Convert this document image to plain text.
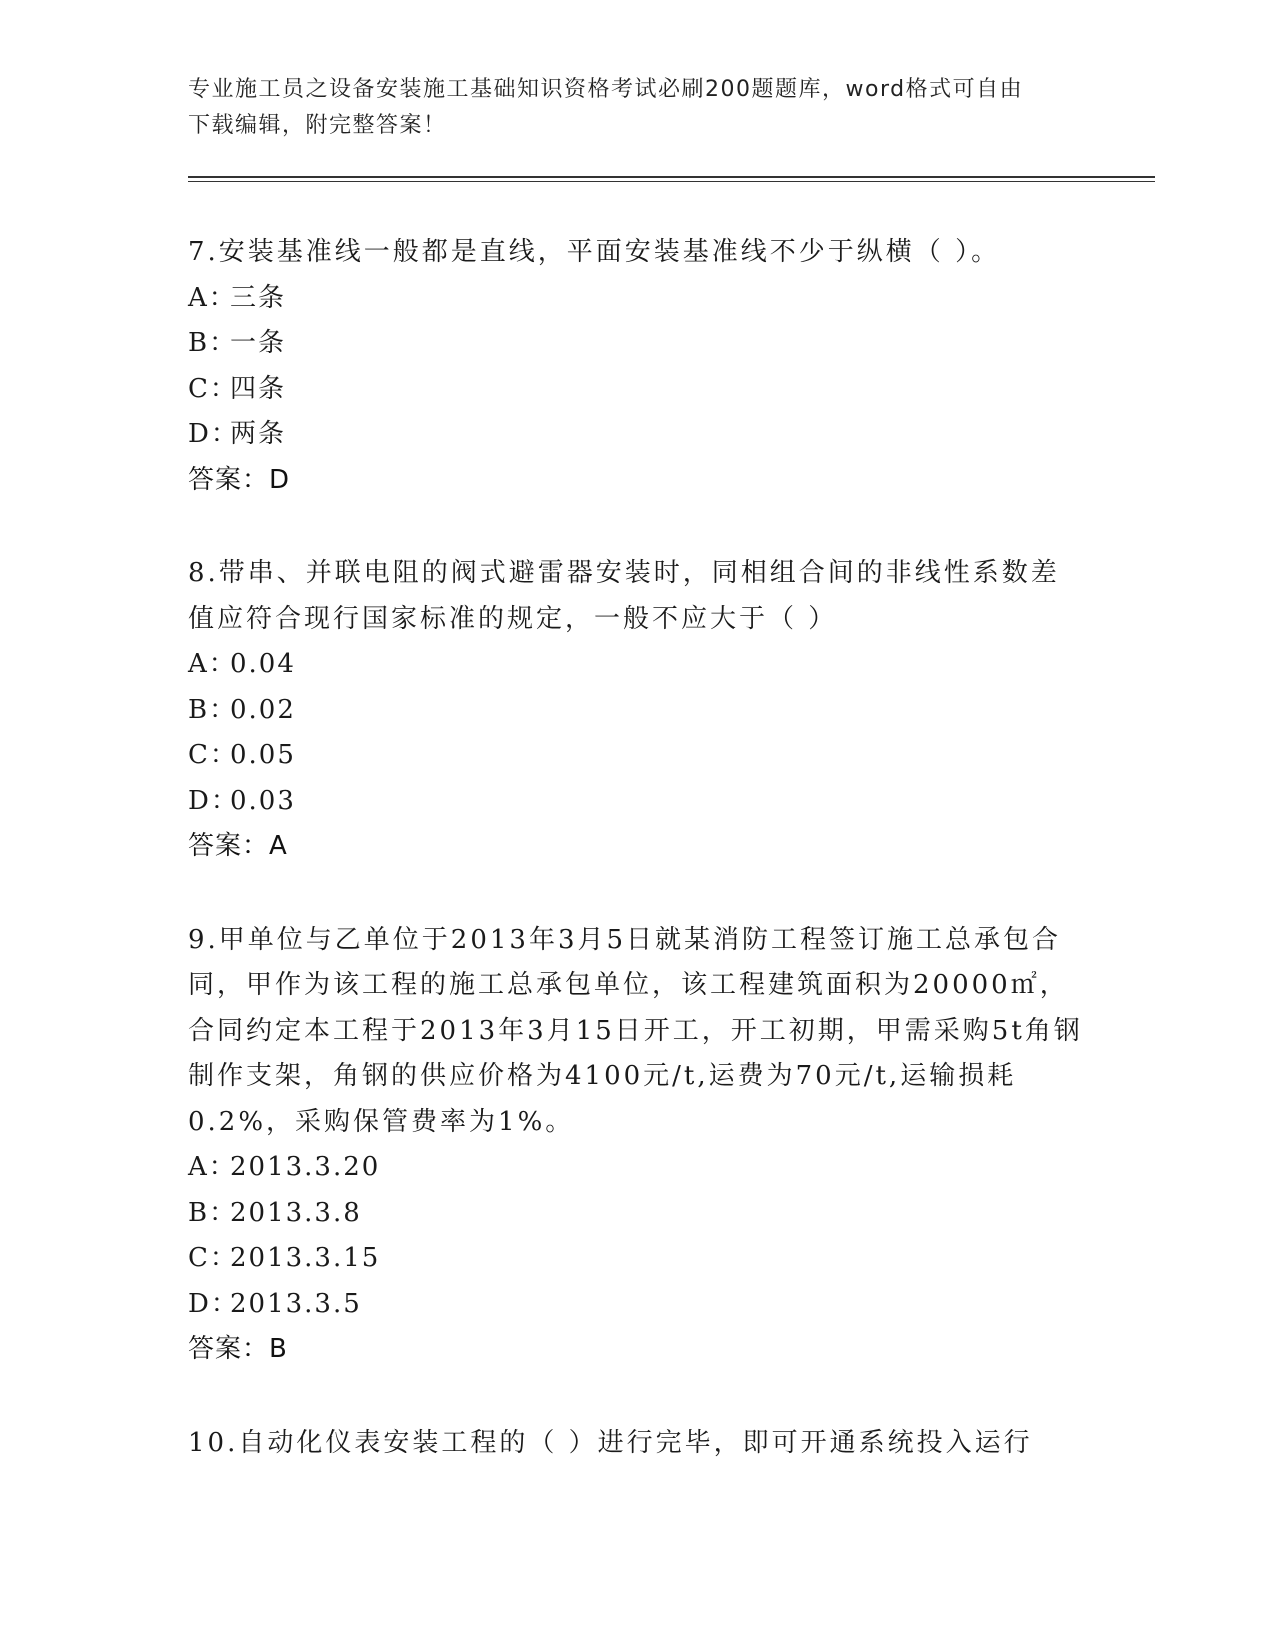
专业施工员之设备安装施工基础知识资格考试必刷200题题库，word格式可自由
下载编辑，附完整答案！

7.安装基准线一般都是直线，平面安装基准线不少于纵横（ ）。

A：三条
B：一条
C：四条
D：两条
答案：D

8.带串、并联电阻的阀式避雷器安装时，同相组合间的非线性系数差值应符合现行国家标准的规定，一般不应大于（ ）

A：0.04
B：0.02
C：0.05
D：0.03
答案：A

9.甲单位与乙单位于2013年3月5日就某消防工程签订施工总承包合同，甲作为该工程的施工总承包单位，该工程建筑面积为20000㎡，合同约定本工程于2013年3月15日开工，开工初期，甲需采购5t角钢制作支架，角钢的供应价格为4100元/t,运费为70元/t,运输损耗0.2%，采购保管费率为1%。

A：2013.3.20
B：2013.3.8
C：2013.3.15
D：2013.3.5
答案：B

10.自动化仪表安装工程的（ ）进行完毕，即可开通系统投入运行
